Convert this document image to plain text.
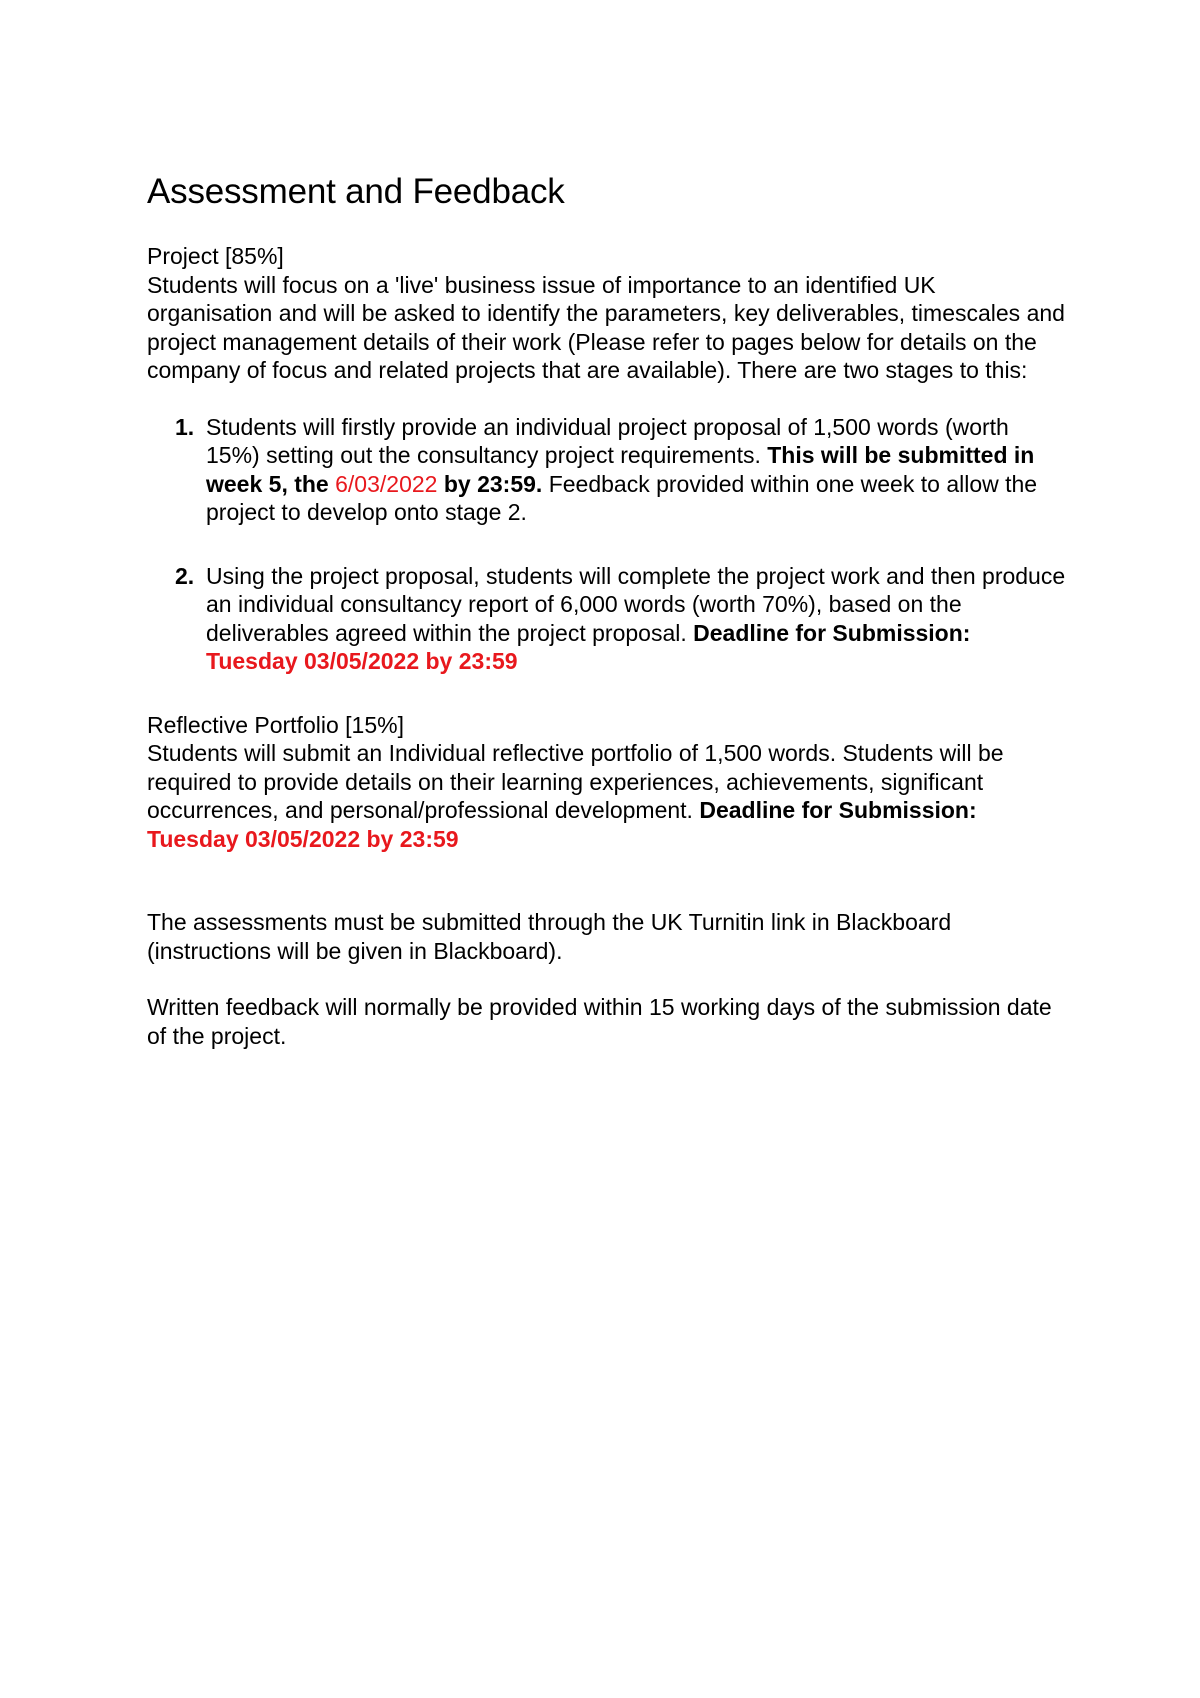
Assessment and Feedback
Project [85%]

Students will focus on a 'live' business issue of importance to an identified UK organisation and will be asked to identify the parameters, key deliverables, timescales and project management details of their work (Please refer to pages below for details on the company of focus and related projects that are available). There are two stages to this:

1. Students will firstly provide an individual project proposal of 1,500 words (worth 15%) setting out the consultancy project requirements. This will be submitted in week 5, the 6/03/2022 by 23:59. Feedback provided within one week to allow the project to develop onto stage 2.
2. Using the project proposal, students will complete the project work and then produce an individual consultancy report of 6,000 words (worth 70%), based on the deliverables agreed within the project proposal. Deadline for Submission:
Tuesday 03/05/2022 by 23:59
Reflective Portfolio [15%]

Students will submit an Individual reflective portfolio of 1,500 words. Students will be required to provide details on their learning experiences, achievements, significant occurrences, and personal/professional development. Deadline for Submission:
Tuesday 03/05/2022 by 23:59

The assessments must be submitted through the UK Turnitin link in Blackboard (instructions will be given in Blackboard).

Written feedback will normally be provided within 15 working days of the submission date of the project.
